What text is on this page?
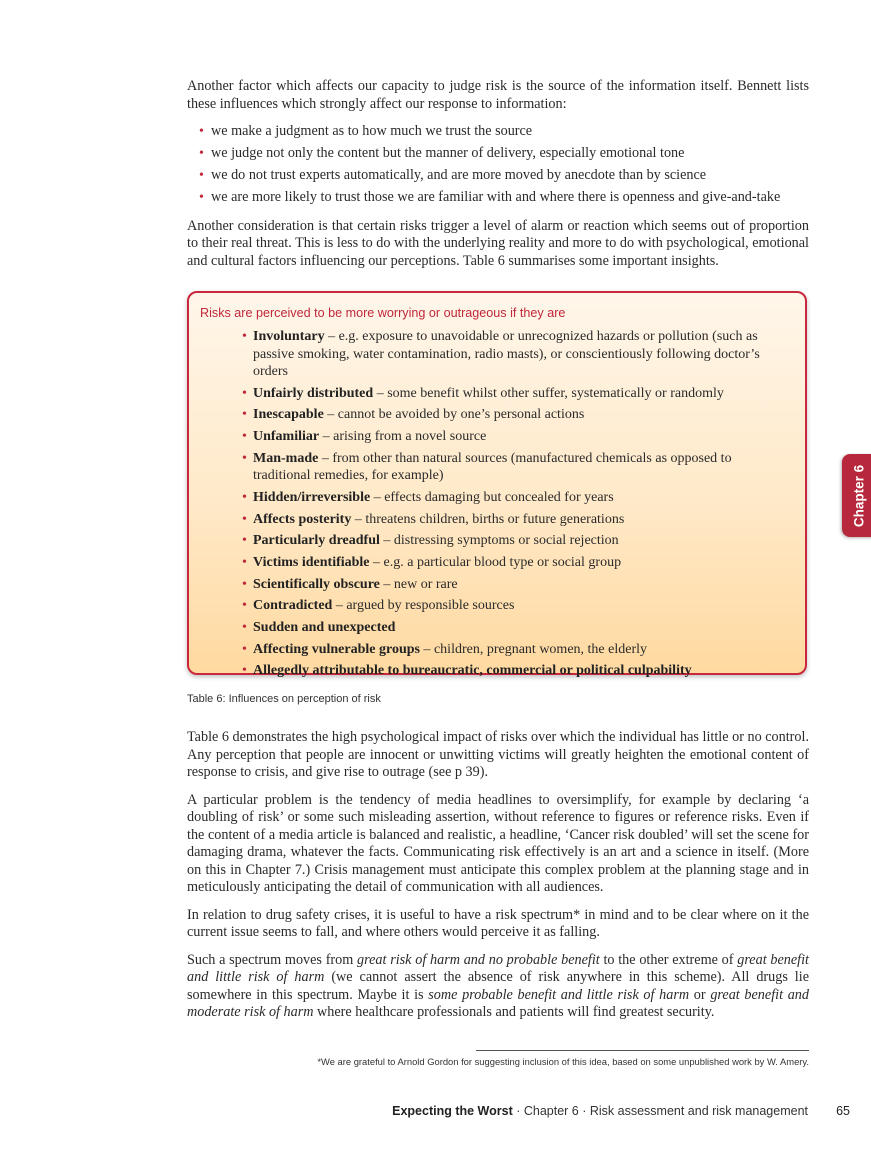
Another factor which affects our capacity to judge risk is the source of the information itself. Bennett lists these influences which strongly affect our response to information:

• we make a judgment as to how much we trust the source
• we judge not only the content but the manner of delivery, especially emotional tone
• we do not trust experts automatically, and are more moved by anecdote than by science
• we are more likely to trust those we are familiar with and where there is openness and give-and-take

Another consideration is that certain risks trigger a level of alarm or reaction which seems out of proportion to their real threat. This is less to do with the underlying reality and more to do with psychological, emotional and cultural factors influencing our perceptions. Table 6 summarises some important insights.

Risks are perceived to be more worrying or outrageous if they are
• Involuntary – e.g. exposure to unavoidable or unrecognized hazards or pollution (such as passive smoking, water contamination, radio masts), or conscientiously following doctor’s orders
• Unfairly distributed – some benefit whilst other suffer, systematically or randomly
• Inescapable – cannot be avoided by one’s personal actions
• Unfamiliar – arising from a novel source
• Man-made – from other than natural sources (manufactured chemicals as opposed to traditional remedies, for example)
• Hidden/irreversible – effects damaging but concealed for years
• Affects posterity – threatens children, births or future generations
• Particularly dreadful – distressing symptoms or social rejection
• Victims identifiable – e.g. a particular blood type or social group
• Scientifically obscure – new or rare
• Contradicted – argued by responsible sources
• Sudden and unexpected
• Affecting vulnerable groups – children, pregnant women, the elderly
• Allegedly attributable to bureaucratic, commercial or political culpability
Table 6: Influences on perception of risk

Table 6 demonstrates the high psychological impact of risks over which the individual has little or no control. Any perception that people are innocent or unwitting victims will greatly heighten the emotional content of response to crisis, and give rise to outrage (see p 39).

A particular problem is the tendency of media headlines to oversimplify, for example by declaring ‘a doubling of risk’ or some such misleading assertion, without reference to figures or reference risks. Even if the content of a media article is balanced and realistic, a headline, ‘Cancer risk doubled’ will set the scene for damaging drama, whatever the facts. Communicating risk effectively is an art and a science in itself. (More on this in Chapter 7.) Crisis management must anticipate this complex problem at the planning stage and in meticulously anticipating the detail of communication with all audiences.

In relation to drug safety crises, it is useful to have a risk spectrum* in mind and to be clear where on it the current issue seems to fall, and where others would perceive it as falling.

Such a spectrum moves from great risk of harm and no probable benefit to the other extreme of great benefit and little risk of harm (we cannot assert the absence of risk anywhere in this scheme). All drugs lie somewhere in this spectrum. Maybe it is some probable benefit and little risk of harm or great benefit and moderate risk of harm where healthcare professionals and patients will find greatest security.

*We are grateful to Arnold Gordon for suggesting inclusion of this idea, based on some unpublished work by W. Amery.
Expecting the Worst · Chapter 6 · Risk assessment and risk management 65
Chapter 6
